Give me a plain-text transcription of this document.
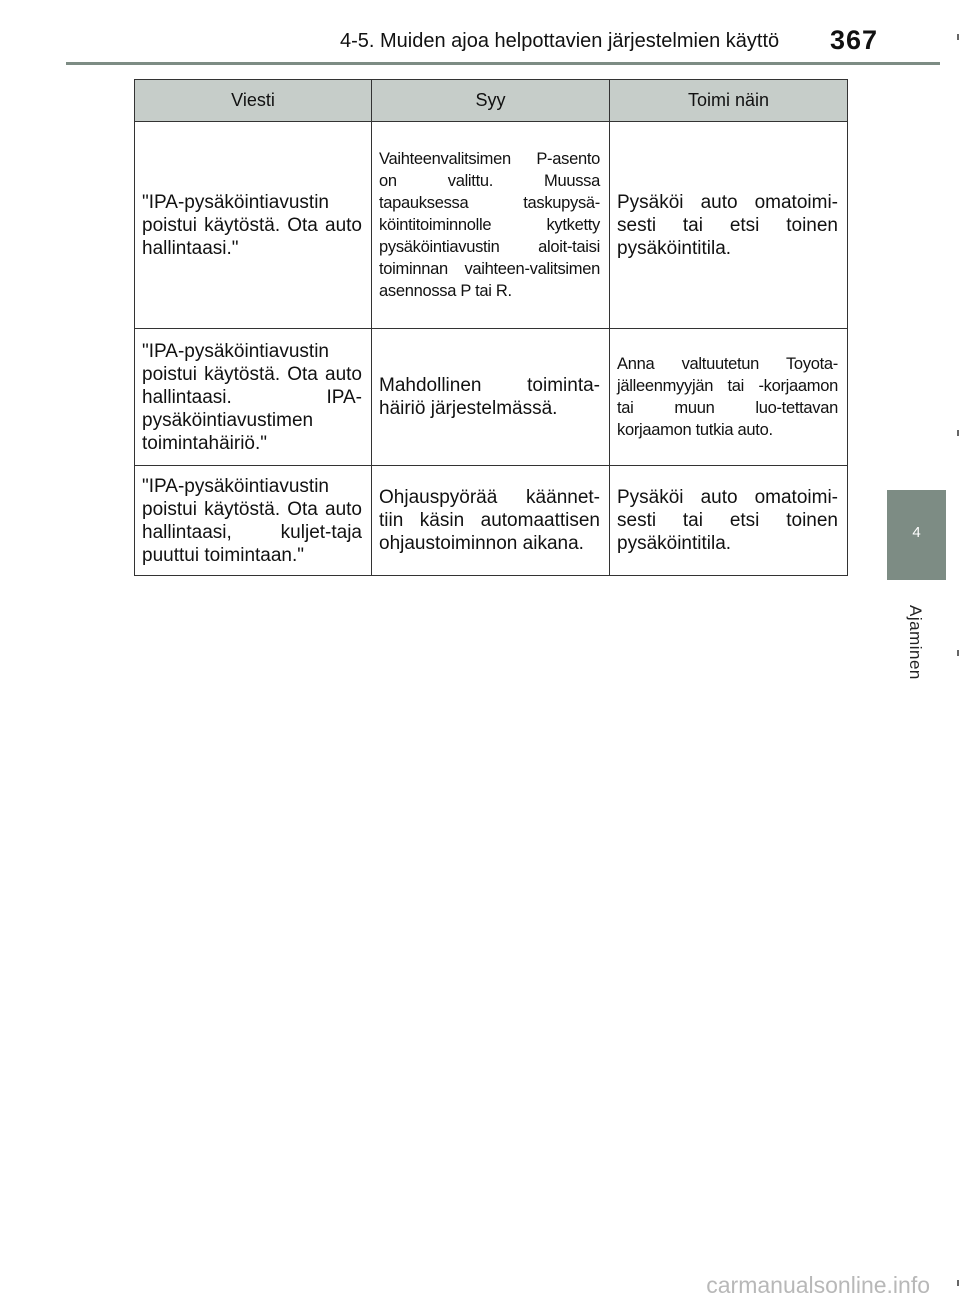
4-5. Muiden ajoa helpottavien järjestelmien käyttö 367
4
Ajaminen
Viesti	Syy	Toimi näin
"IPA-pysäköintiavustin poistui käytöstä. Ota auto hallintaasi."	Vaihteenvalitsimen P-asento on valittu. Muussa tapauksessa taskupysä-köintitoiminnolle kytketty pysäköintiavustin aloit-taisi toiminnan vaihteen-valitsimen asennossa P tai R.	Pysäköi auto omatoimi-sesti tai etsi toinen pysäköintitila.
"IPA-pysäköintiavustin poistui käytöstä. Ota auto hallintaasi. IPA-pysäköintiavustimen toimintahäiriö."	Mahdollinen toiminta-häiriö järjestelmässä.	Anna valtuutetun Toyota-jälleenmyyjän tai -korjaamon tai muun luo-tettavan korjaamon tutkia auto.
"IPA-pysäköintiavustin poistui käytöstä. Ota auto hallintaasi, kuljet-taja puuttui toimintaan."	Ohjauspyörää käännet-tiin käsin automaattisen ohjaustoiminnon aikana.	Pysäköi auto omatoimi-sesti tai etsi toinen pysäköintitila.
carmanualsonline.info
